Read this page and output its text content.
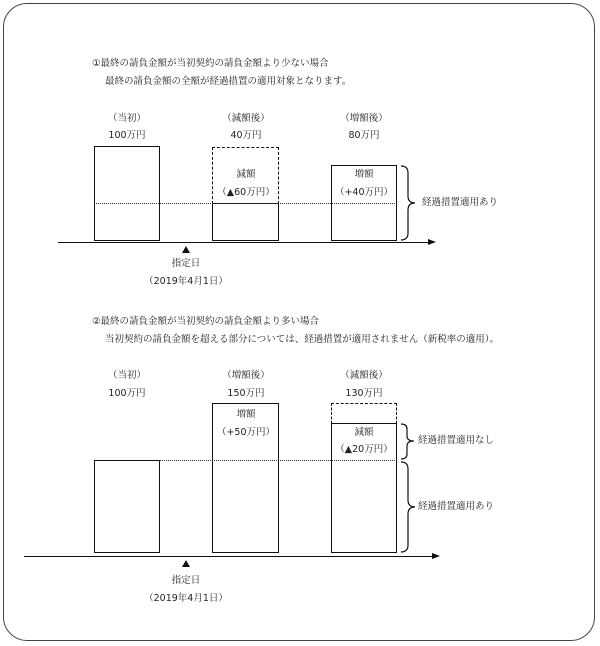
①最終の請負金額が当初契約の請負金額より少ない場合
最終の請負金額の全額が経過措置の適用対象となります。
（当初）
100万円
（減額後）
40万円
（増額後）
80万円
減額
（▲60万円）
増額
（+40万円）
経過措置適用あり
指定日
（2019年4月1日）
②最終の請負金額が当初契約の請負金額より多い場合
当初契約の請負金額を超える部分については、経過措置が適用されません（新税率の適用）。
（当初）
100万円
（増額後）
150万円
（減額後）
130万円
増額
（+50万円）	減額
（▲20万円）
経過措置適用なし
経過措置適用あり
指定日
（2019年4月1日）
